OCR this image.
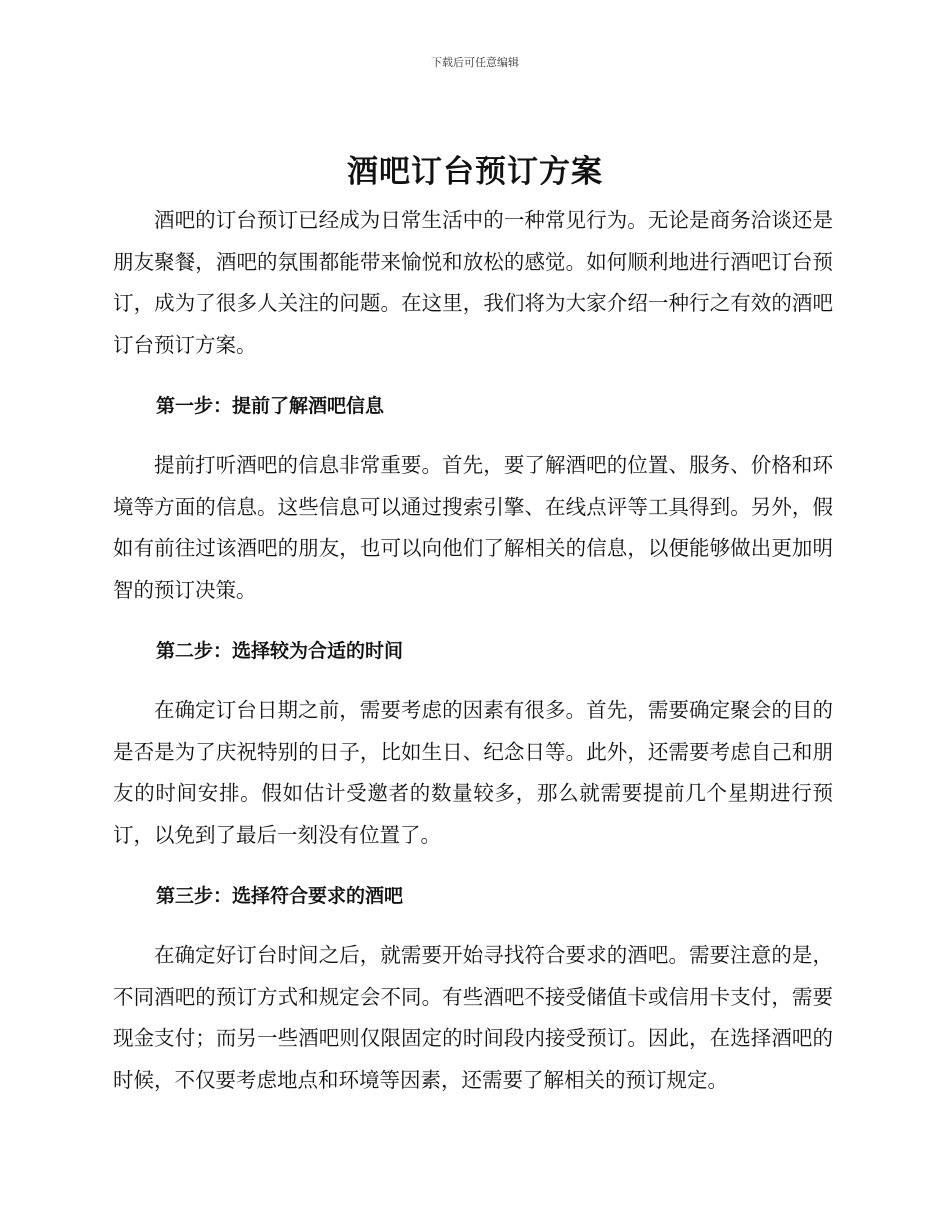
下载后可任意编辑
酒吧订台预订方案

酒吧的订台预订已经成为日常生活中的一种常见行为。无论是商务洽谈还是朋友聚餐，酒吧的氛围都能带来愉悦和放松的感觉。如何顺利地进行酒吧订台预订，成为了很多人关注的问题。在这里，我们将为大家介绍一种行之有效的酒吧订台预订方案。

第一步：提前了解酒吧信息

提前打听酒吧的信息非常重要。首先，要了解酒吧的位置、服务、价格和环境等方面的信息。这些信息可以通过搜索引擎、在线点评等工具得到。另外，假如有前往过该酒吧的朋友，也可以向他们了解相关的信息，以便能够做出更加明智的预订决策。

第二步：选择较为合适的时间

在确定订台日期之前，需要考虑的因素有很多。首先，需要确定聚会的目的是否是为了庆祝特别的日子，比如生日、纪念日等。此外，还需要考虑自己和朋友的时间安排。假如估计受邀者的数量较多，那么就需要提前几个星期进行预订，以免到了最后一刻没有位置了。

第三步：选择符合要求的酒吧

在确定好订台时间之后，就需要开始寻找符合要求的酒吧。需要注意的是，不同酒吧的预订方式和规定会不同。有些酒吧不接受储值卡或信用卡支付，需要现金支付；而另一些酒吧则仅限固定的时间段内接受预订。因此，在选择酒吧的时候，不仅要考虑地点和环境等因素，还需要了解相关的预订规定。
